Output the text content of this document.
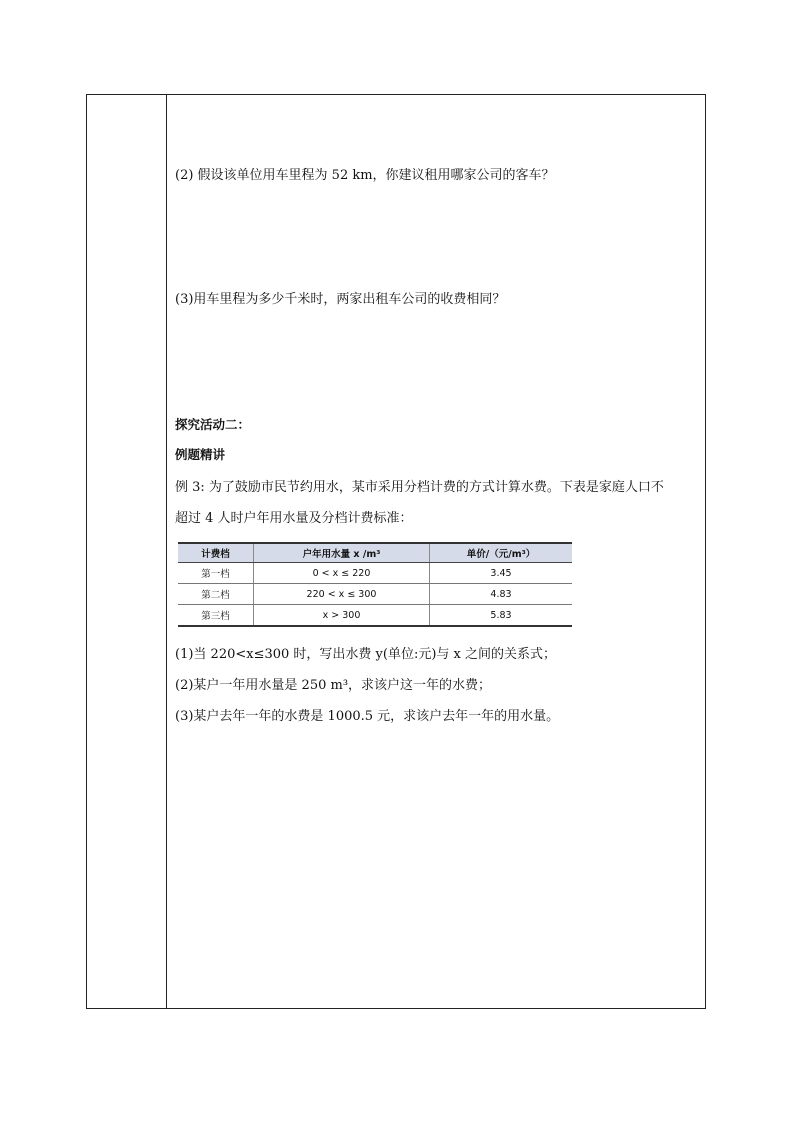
(2) 假设该单位用车里程为 52 km，你建议租用哪家公司的客车？
(3)用车里程为多少千米时，两家出租车公司的收费相同？
探究活动二：
例题精讲
例 3: 为了鼓励市民节约用水，某市采用分档计费的方式计算水费。下表是家庭人口不
超过 4 人时户年用水量及分档计费标准：
计费档	户年用水量 x /m³	单价/（元/m³）
第一档	0 < x ≤ 220	3.45
第二档	220 < x ≤ 300	4.83
第三档	x > 300	5.83
(1)当 220<x≤300 时，写出水费 y(单位:元)与 x 之间的关系式；
(2)某户一年用水量是 250 m³，求该户这一年的水费；
(3)某户去年一年的水费是 1000.5 元，求该户去年一年的用水量。
